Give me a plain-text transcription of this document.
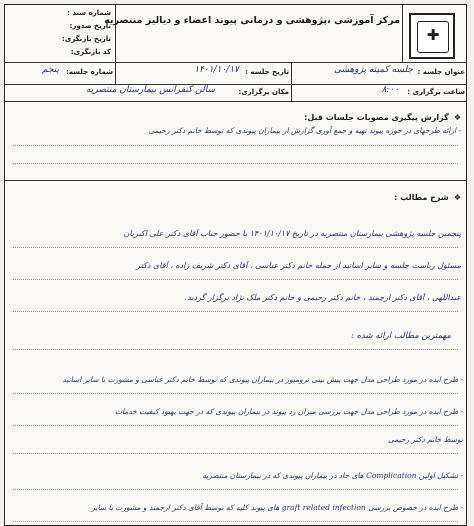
✚
مرکز آموزشی ،پژوهشی و درمانی پیوند اعضاء و دیالیز منتصریه
شماره سند :
تاریخ صدور:
تاریخ بازنگری:
کد بازنگری:
عنوان جلسه :
جلسه کمیته پژوهشی
تاریخ جلسه :
۱۴۰۱/۱۰/۱۷
شماره جلسه:
پنجم
ساعت برگزاری :
۸:۰۰
مکان برگزاری:
سالن کنفرانس بیمارستان منتصریه
❖ گزارش پیگیری مصوبات جلسات قبل:
- ارائه طرحهای در حوزه پیوند تهیه و جمع آوری گزارش از بیماران پیوندی که توسط خانم دکتر رحیمی
❖ شرح مطالب :
پنجمین جلسه پژوهشی بیمارستان منتصریه در تاریخ ۱۴۰۱/۱۰/۱۷ با حضور جناب آقای دکتر علی اکبریان
مسئول ریاست جلسه و سایر اساتید از جمله خانم دکتر عباسی ، آقای دکتر شریف زاده ، آقای دکتر
عبداللهی ، آقای دکتر ارجمند ، خانم دکتر رحیمی و خانم دکتر ملک نژاد برگزار گردید.
مهمترین مطالب ارائه شده :
- طرح ایده در مورد طراحی مدل جهت پیش بینی ترومبوز در بیماران پیوندی که توسط خانم دکتر عباسی و مشورت با سایر اساتید
- طرح ایده در مورد طراحی مدل جهت بررسی میزان رد پیوند در بیماران پیوندی که در جهت بهبود کیفیت خدمات
توسط خانم دکتر رحیمی
- تشکیل اولین Complication های حاد در بیماران پیوندی که در بیمارستان منتصریه
- طرح ایده در خصوص بررسی graft related infection های پیوند کلیه که توسط آقای دکتر ارجمند و مشورت با سایر
